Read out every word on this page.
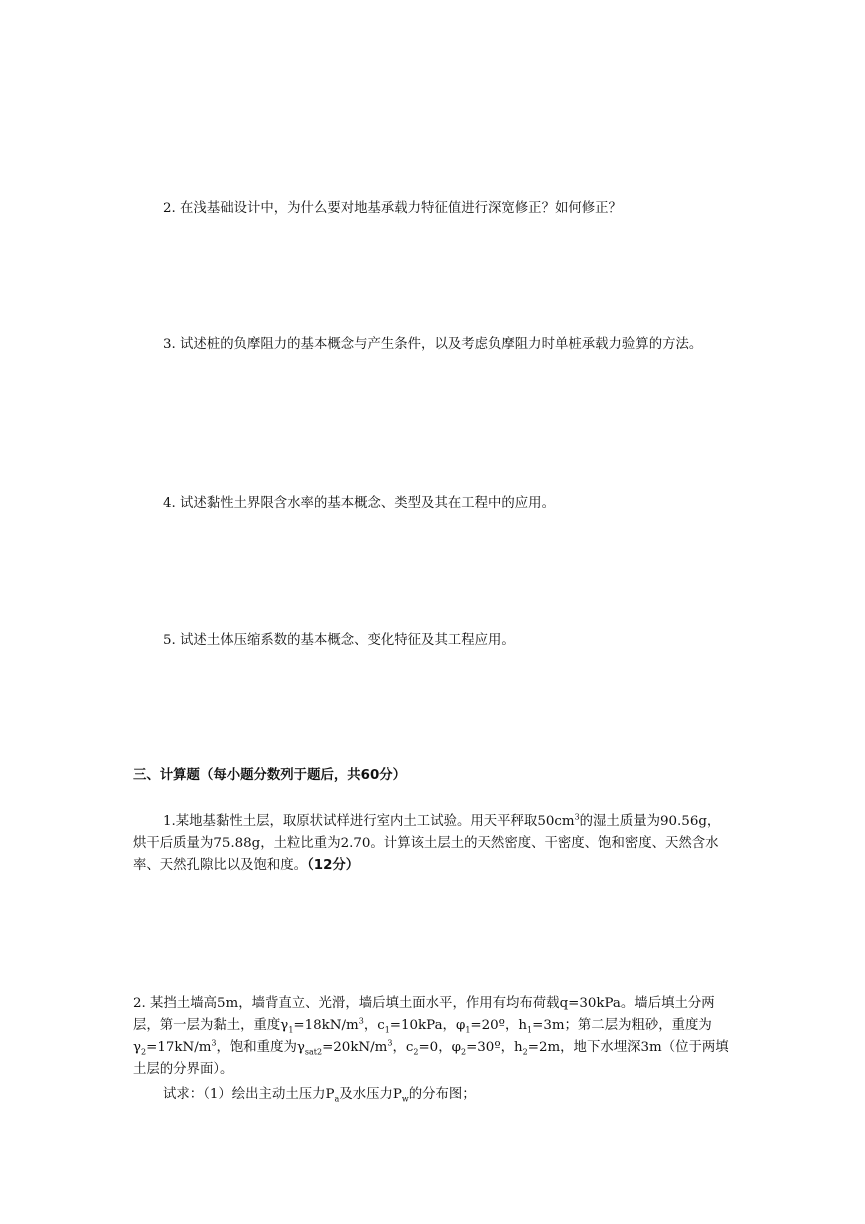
2. 在浅基础设计中，为什么要对地基承载力特征值进行深宽修正？如何修正？

3. 试述桩的负摩阻力的基本概念与产生条件，以及考虑负摩阻力时单桩承载力验算的方法。

4. 试述黏性土界限含水率的基本概念、类型及其在工程中的应用。

5. 试述土体压缩系数的基本概念、变化特征及其工程应用。

三、计算题（每小题分数列于题后，共60分）

1.某地基黏性土层，取原状试样进行室内土工试验。用天平秤取$50cm^3$的湿土质量为90.56g，烘干后质量为75.88g，土粒比重为2.70。计算该土层土的天然密度、干密度、饱和密度、天然含水率、天然孔隙比以及饱和度。（12分）

2. 某挡土墙高5m，墙背直立、光滑，墙后填土面水平，作用有均布荷载q=30kPa。墙后填土分两层，第一层为黏土，重度$\gamma_1=18kN/m^3$，$c_1=10kPa$，$\varphi_1=20º$，$h_1=3m$；第二层为粗砂，重度为$\gamma_2=17kN/m^3$，饱和重度为$\gamma_{sat2}=20kN/m^3$，$c_2=0$，$\varphi_2=30º$，$h_2=2m$，地下水埋深3m（位于两填土层的分界面）。

试求：（1）绘出主动土压力$P_a$及水压力$P_w$的分布图；
